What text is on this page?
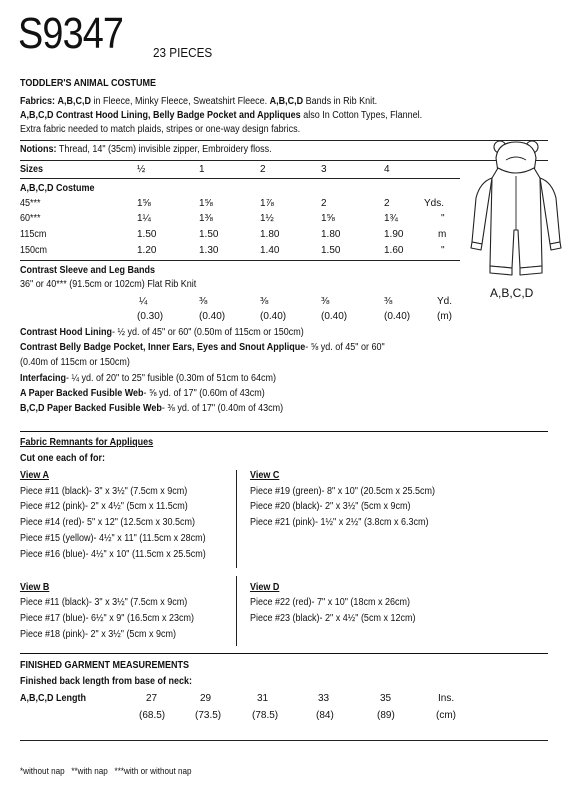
S9347 23 PIECES
TODDLER'S ANIMAL COSTUME
Fabrics: A,B,C,D in Fleece, Minky Fleece, Sweatshirt Fleece. A,B,C,D Bands in Rib Knit.
A,B,C,D Contrast Hood Lining, Belly Badge Pocket and Appliques also In Cotton Types, Flannel.
Extra fabric needed to match plaids, stripes or one-way design fabrics.
Notions: Thread, 14" (35cm) invisible zipper, Embroidery floss.
Sizes	½	1	2	3	4
A,B,C,D Costume
45***	1⅝	1⅝	1⅞	2	2	Yds.
60***	1¼	1⅜	1½	1⅝	1¾	"
115cm	1.50	1.50	1.80	1.80	1.90	m
150cm	1.20	1.30	1.40	1.50	1.60	"
Contrast Sleeve and Leg Bands
36" or 40*** (91.5cm or 102cm) Flat Rib Knit
¼	⅜	⅜	⅜	⅜	Yd.
(0.30)	(0.40)	(0.40)	(0.40)	(0.40)	(m)
Contrast Hood Lining- ½ yd. of 45" or 60" (0.50m of 115cm or 150cm)
Contrast Belly Badge Pocket, Inner Ears, Eyes and Snout Applique- ⅝ yd. of 45" or 60"
(0.40m of 115cm or 150cm)
Interfacing- ¼ yd. of 20" to 25" fusible (0.30m of 51cm to 64cm)
A Paper Backed Fusible Web- ⅝ yd. of 17" (0.60m of 43cm)
B,C,D Paper Backed Fusible Web- ⅜ yd. of 17" (0.40m of 43cm)
A,B,C,D
Fabric Remnants for Appliques
Cut one each of for:
View A
Piece #11 (black)- 3" x 3½" (7.5cm x 9cm)
Piece #12 (pink)- 2" x 4½" (5cm x 11.5cm)
Piece #14 (red)- 5" x 12" (12.5cm x 30.5cm)
Piece #15 (yellow)- 4½" x 11" (11.5cm x 28cm)
Piece #16 (blue)- 4½" x 10" (11.5cm x 25.5cm)
View C
Piece #19 (green)- 8" x 10" (20.5cm x 25.5cm)
Piece #20 (black)- 2" x 3½" (5cm x 9cm)
Piece #21 (pink)- 1½" x 2½" (3.8cm x 6.3cm)
View B
Piece #11 (black)- 3" x 3½" (7.5cm x 9cm)
Piece #17 (blue)- 6½" x 9" (16.5cm x 23cm)
Piece #18 (pink)- 2" x 3½" (5cm x 9cm)
View D
Piece #22 (red)- 7" x 10" (18cm x 26cm)
Piece #23 (black)- 2" x 4½" (5cm x 12cm)
FINISHED GARMENT MEASUREMENTS
Finished back length from base of neck:
A,B,C,D Length	27	29	31	33	35	Ins.
(68.5)	(73.5)	(78.5)	(84)	(89)	(cm)
*without nap   **with nap   ***with or without nap
